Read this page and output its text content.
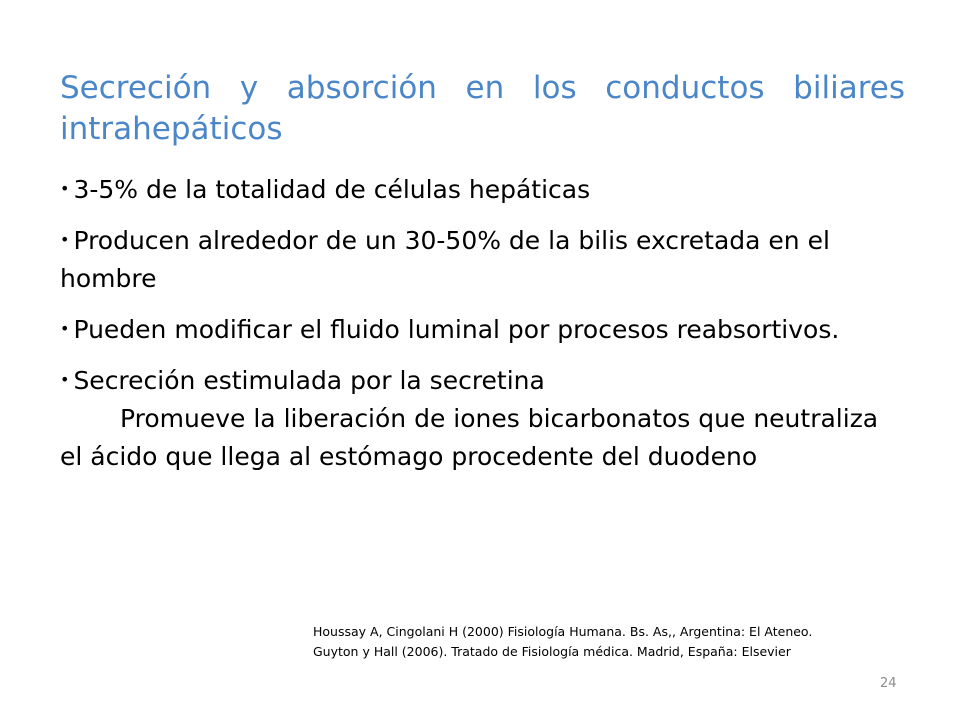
Secreción y absorción en los conductos biliares intrahepáticos
• 3-5% de la totalidad de células hepáticas
• Producen alrededor de un 30-50% de la bilis excretada en el hombre
• Pueden modificar el fluido luminal por procesos reabsortivos.
• Secreción estimulada por la secretina
Promueve la liberación de iones bicarbonatos que neutraliza el ácido que llega al estómago procedente del duodeno
Houssay A, Cingolani H (2000) Fisiología Humana. Bs. As,, Argentina: El Ateneo.
Guyton y Hall (2006). Tratado de Fisiología médica. Madrid, España: Elsevier
24
